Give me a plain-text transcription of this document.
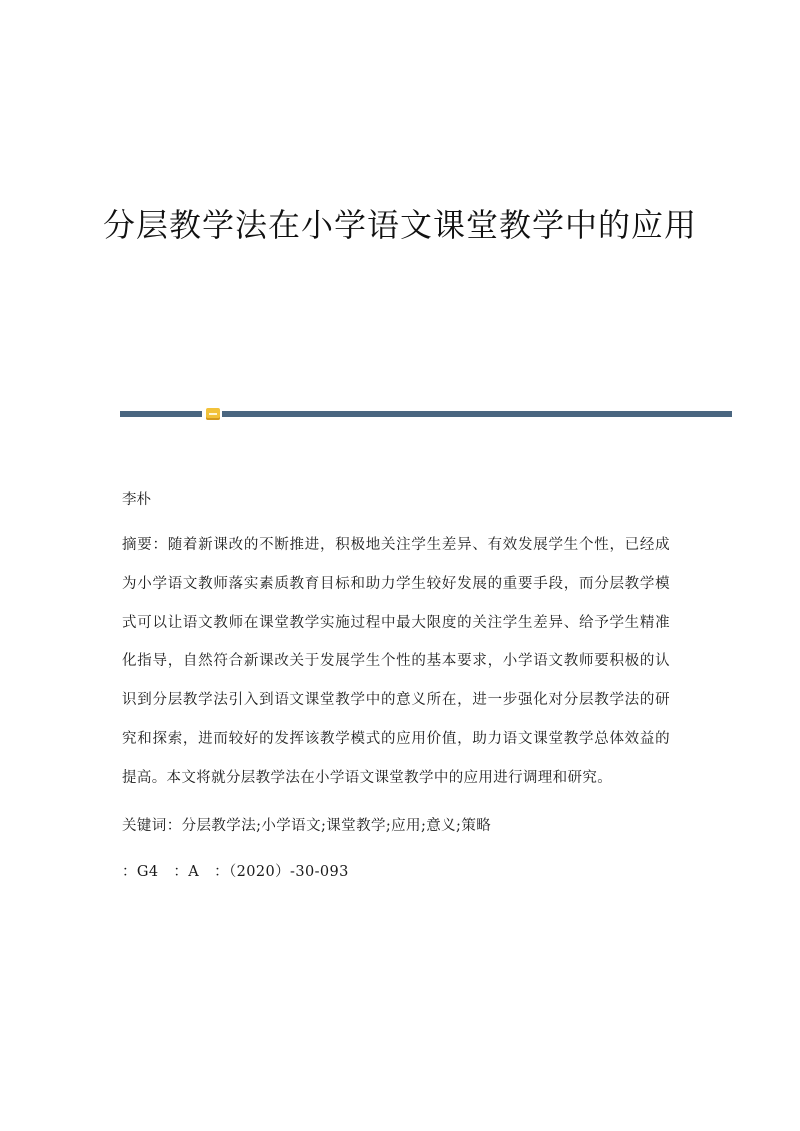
分层教学法在小学语文课堂教学中的应用

李朴

摘要：随着新课改的不断推进，积极地关注学生差异、有效发展学生个性，已经成为小学语文教师落实素质教育目标和助力学生较好发展的重要手段，而分层教学模式可以让语文教师在课堂教学实施过程中最大限度的关注学生差异、给予学生精准化指导，自然符合新课改关于发展学生个性的基本要求，小学语文教师要积极的认识到分层教学法引入到语文课堂教学中的意义所在，进一步强化对分层教学法的研究和探索，进而较好的发挥该教学模式的应用价值，助力语文课堂教学总体效益的提高。本文将就分层教学法在小学语文课堂教学中的应用进行调理和研究。

关键词：分层教学法;小学语文;课堂教学;应用;意义;策略

：G4　：A　：（2020）-30-093
